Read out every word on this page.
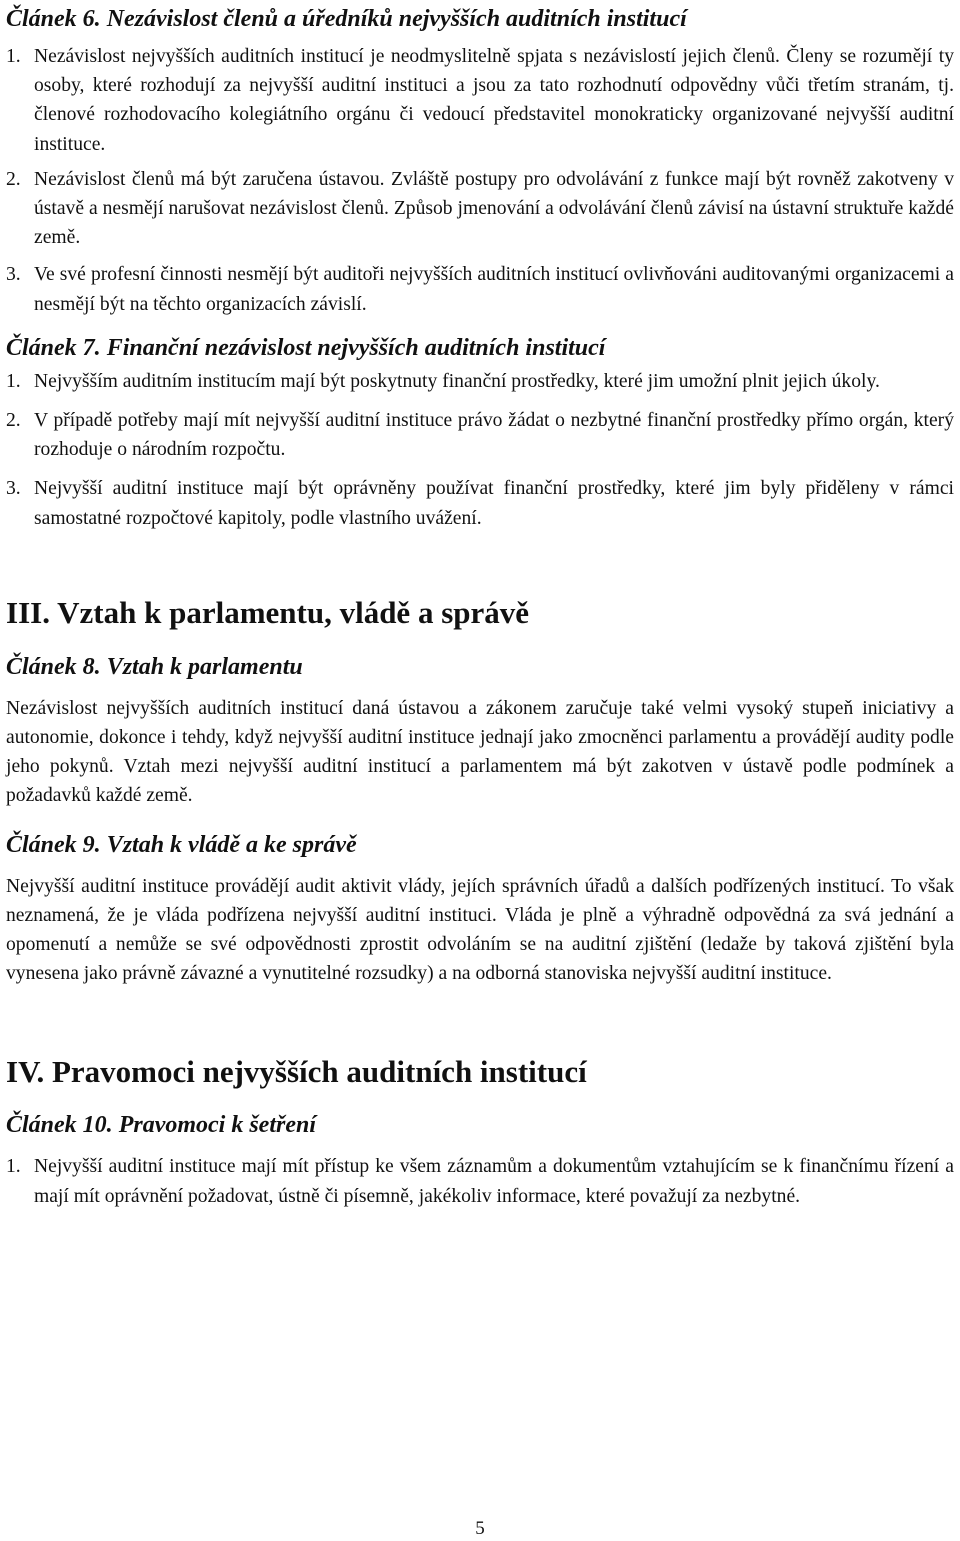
Článek 6. Nezávislost členů a úředníků nejvyšších auditních institucí
1. Nezávislost nejvyšších auditních institucí je neodmyslitelně spjata s nezávislostí jejich členů. Členy se rozumějí ty osoby, které rozhodují za nejvyšší auditní instituci a jsou za tato rozhodnutí odpovědny vůči třetím stranám, tj. členové rozhodovacího kolegiátního orgánu či vedoucí představitel monokraticky organizované nejvyšší auditní instituce.
2. Nezávislost členů má být zaručena ústavou. Zvláště postupy pro odvolávání z funkce mají být rovněž zakotveny v ústavě a nesmějí narušovat nezávislost členů. Způsob jmenování a odvolávání členů závisí na ústavní struktuře každé země.
3. Ve své profesní činnosti nesmějí být auditoři nejvyšších auditních institucí ovlivňováni auditovanými organizacemi a nesmějí být na těchto organizacích závislí.
Článek 7. Finanční nezávislost nejvyšších auditních institucí
1. Nejvyšším auditním institucím mají být poskytnuty finanční prostředky, které jim umožní plnit jejich úkoly.
2. V případě potřeby mají mít nejvyšší auditní instituce právo žádat o nezbytné finanční prostředky přímo orgán, který rozhoduje o národním rozpočtu.
3. Nejvyšší auditní instituce mají být oprávněny používat finanční prostředky, které jim byly přiděleny v rámci samostatné rozpočtové kapitoly, podle vlastního uvážení.
III. Vztah k parlamentu, vládě a správě
Článek 8. Vztah k parlamentu

Nezávislost nejvyšších auditních institucí daná ústavou a zákonem zaručuje také velmi vysoký stupeň iniciativy a autonomie, dokonce i tehdy, když nejvyšší auditní instituce jednají jako zmocněnci parlamentu a provádějí audity podle jeho pokynů. Vztah mezi nejvyšší auditní institucí a parlamentem má být zakotven v ústavě podle podmínek a požadavků každé země.

Článek 9. Vztah k vládě a ke správě

Nejvyšší auditní instituce provádějí audit aktivit vlády, jejích správních úřadů a dalších podřízených institucí. To však neznamená, že je vláda podřízena nejvyšší auditní instituci. Vláda je plně a výhradně odpovědná za svá jednání a opomenutí a nemůže se své odpovědnosti zprostit odvoláním se na auditní zjištění (ledaže by taková zjištění byla vynesena jako právně závazné a vynutitelné rozsudky) a na odborná stanoviska nejvyšší auditní instituce.

IV. Pravomoci nejvyšších auditních institucí
Článek 10. Pravomoci k šetření
1. Nejvyšší auditní instituce mají mít přístup ke všem záznamům a dokumentům vztahujícím se k finančnímu řízení a mají mít oprávnění požadovat, ústně či písemně, jakékoliv informace, které považují za nezbytné.
5
